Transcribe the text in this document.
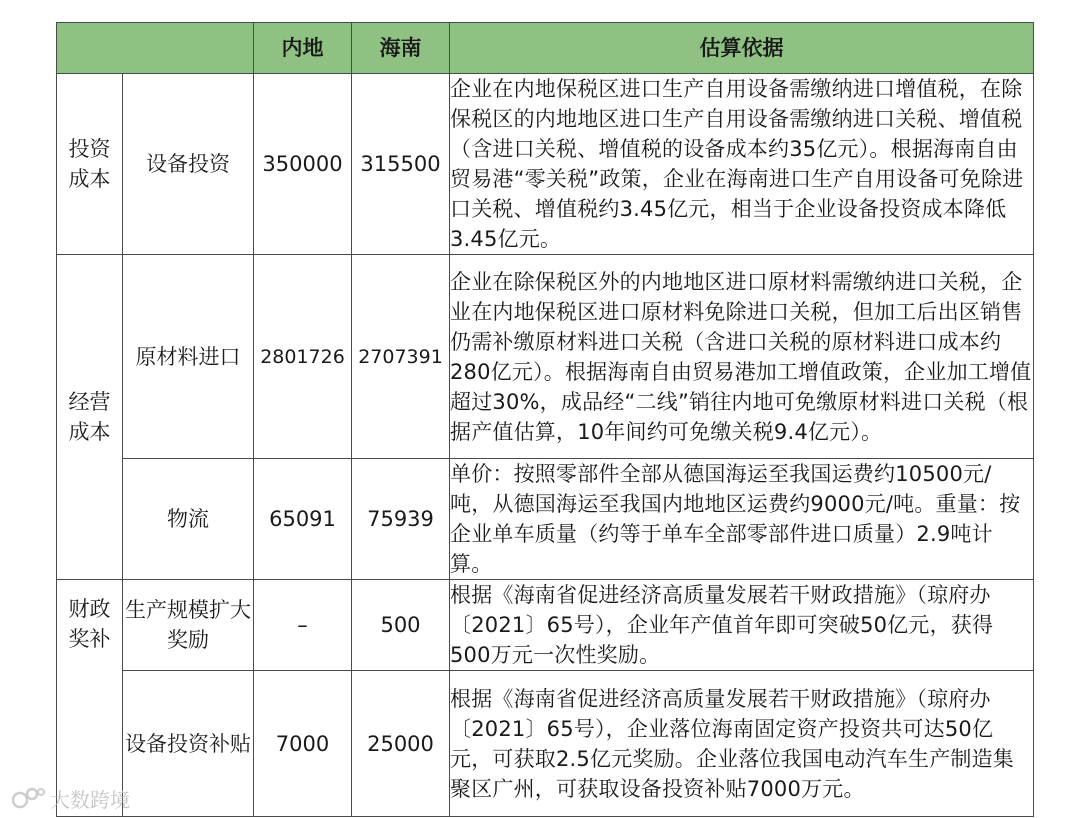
		内地	海南	估算依据
投资成本	设备投资	350000	315500	企业在内地保税区进口生产自用设备需缴纳进口增值税，在除保税区的内地地区进口生产自用设备需缴纳进口关税、增值税（含进口关税、增值税的设备成本约35亿元）。根据海南自由贸易港“零关税”政策，企业在海南进口生产自用设备可免除进口关税、增值税约3.45亿元，相当于企业设备投资成本降低3.45亿元。
经营成本	原材料进口	2801726	2707391	企业在除保税区外的内地地区进口原材料需缴纳进口关税，企业在内地保税区进口原材料免除进口关税，但加工后出区销售仍需补缴原材料进口关税（含进口关税的原材料进口成本约280亿元）。根据海南自由贸易港加工增值政策，企业加工增值超过30%，成品经“二线”销往内地可免缴原材料进口关税（根据产值估算，10年间约可免缴关税9.4亿元）。
	物流	65091	75939	单价：按照零部件全部从德国海运至我国运费约10500元/吨，从德国海运至我国内地地区运费约9000元/吨。重量：按企业单车质量（约等于单车全部零部件进口质量）2.9吨计算。
财政奖补	生产规模扩大奖励	–	500	根据《海南省促进经济高质量发展若干财政措施》（琼府办〔2021〕65号），企业年产值首年即可突破50亿元，获得500万元一次性奖励。
	设备投资补贴	7000	25000	根据《海南省促进经济高质量发展若干财政措施》（琼府办〔2021〕65号），企业落位海南固定资产投资共可达50亿元，可获取2.5亿元奖励。企业落位我国电动汽车生产制造集聚区广州，可获取设备投资补贴7000万元。
大数跨境
